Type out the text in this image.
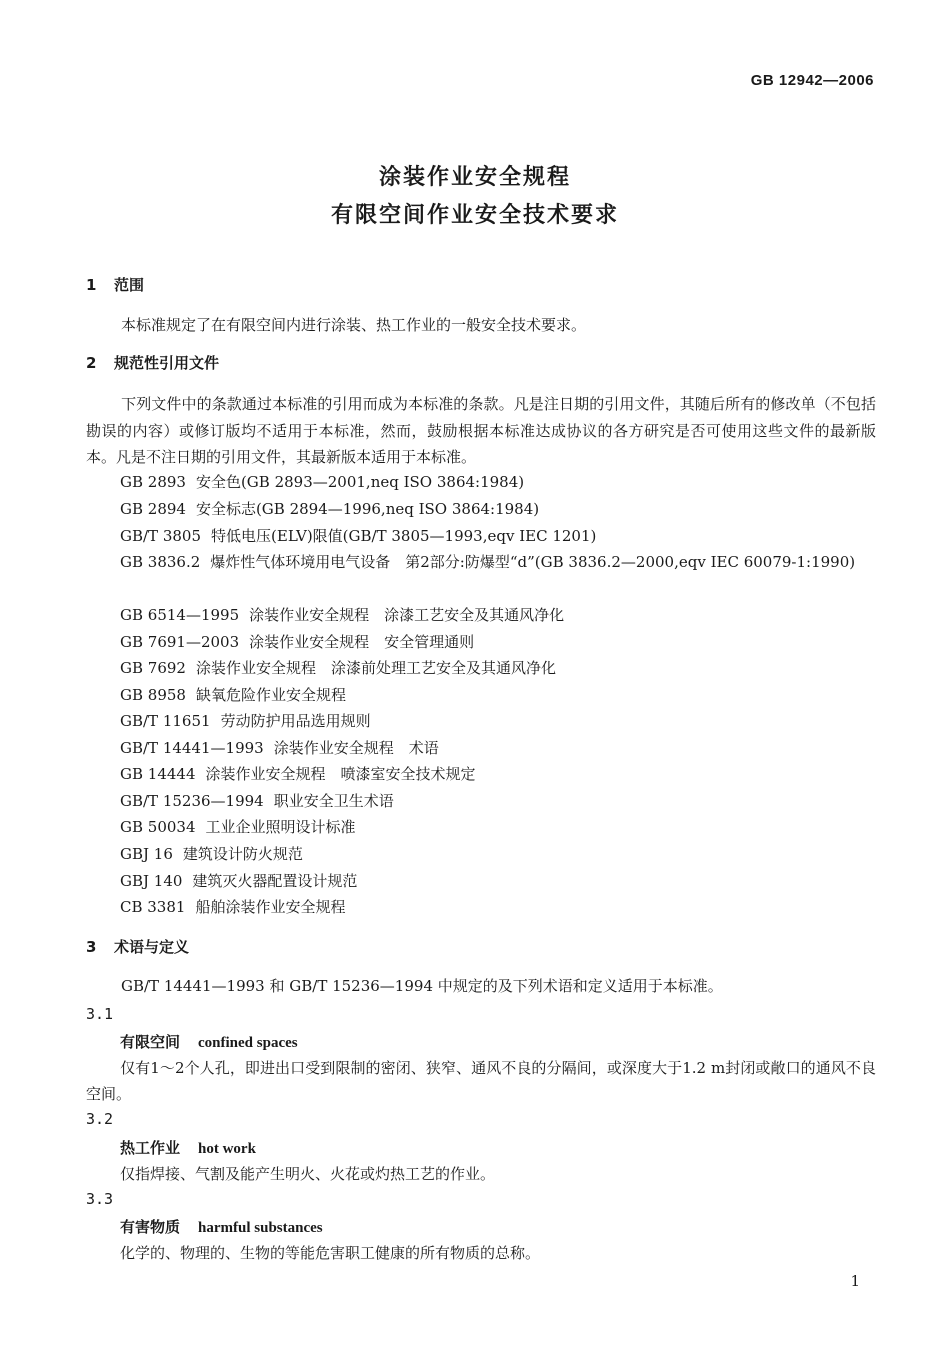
GB 12942—2006
涂装作业安全规程
有限空间作业安全技术要求
1 范围
本标准规定了在有限空间内进行涂装、热工作业的一般安全技术要求。
2 规范性引用文件
下列文件中的条款通过本标准的引用而成为本标准的条款。凡是注日期的引用文件，其随后所有的修改单（不包括勘误的内容）或修订版均不适用于本标准，然而，鼓励根据本标准达成协议的各方研究是否可使用这些文件的最新版本。凡是不注日期的引用文件，其最新版本适用于本标准。
GB 2893 安全色(GB 2893—2001,neq ISO 3864:1984)
GB 2894 安全标志(GB 2894—1996,neq ISO 3864:1984)
GB/T 3805 特低电压(ELV)限值(GB/T 3805—1993,eqv IEC 1201)
GB 3836.2 爆炸性气体环境用电气设备　第2部分:防爆型“d”(GB 3836.2—2000,eqv IEC 60079-1:1990)
GB 6514—1995 涂装作业安全规程　涂漆工艺安全及其通风净化
GB 7691—2003 涂装作业安全规程　安全管理通则
GB 7692 涂装作业安全规程　涂漆前处理工艺安全及其通风净化
GB 8958 缺氧危险作业安全规程
GB/T 11651 劳动防护用品选用规则
GB/T 14441—1993 涂装作业安全规程　术语
GB 14444 涂装作业安全规程　喷漆室安全技术规定
GB/T 15236—1994 职业安全卫生术语
GB 50034 工业企业照明设计标准
GBJ 16 建筑设计防火规范
GBJ 140 建筑灭火器配置设计规范
CB 3381 船舶涂装作业安全规程
3 术语与定义
GB/T 14441—1993 和 GB/T 15236—1994 中规定的及下列术语和定义适用于本标准。
3.1
有限空间 confined spaces
仅有1～2个人孔，即进出口受到限制的密闭、狭窄、通风不良的分隔间，或深度大于1.2 m封闭或敞口的通风不良空间。
3.2
热工作业 hot work
仅指焊接、气割及能产生明火、火花或灼热工艺的作业。
3.3
有害物质 harmful substances
化学的、物理的、生物的等能危害职工健康的所有物质的总称。
1
